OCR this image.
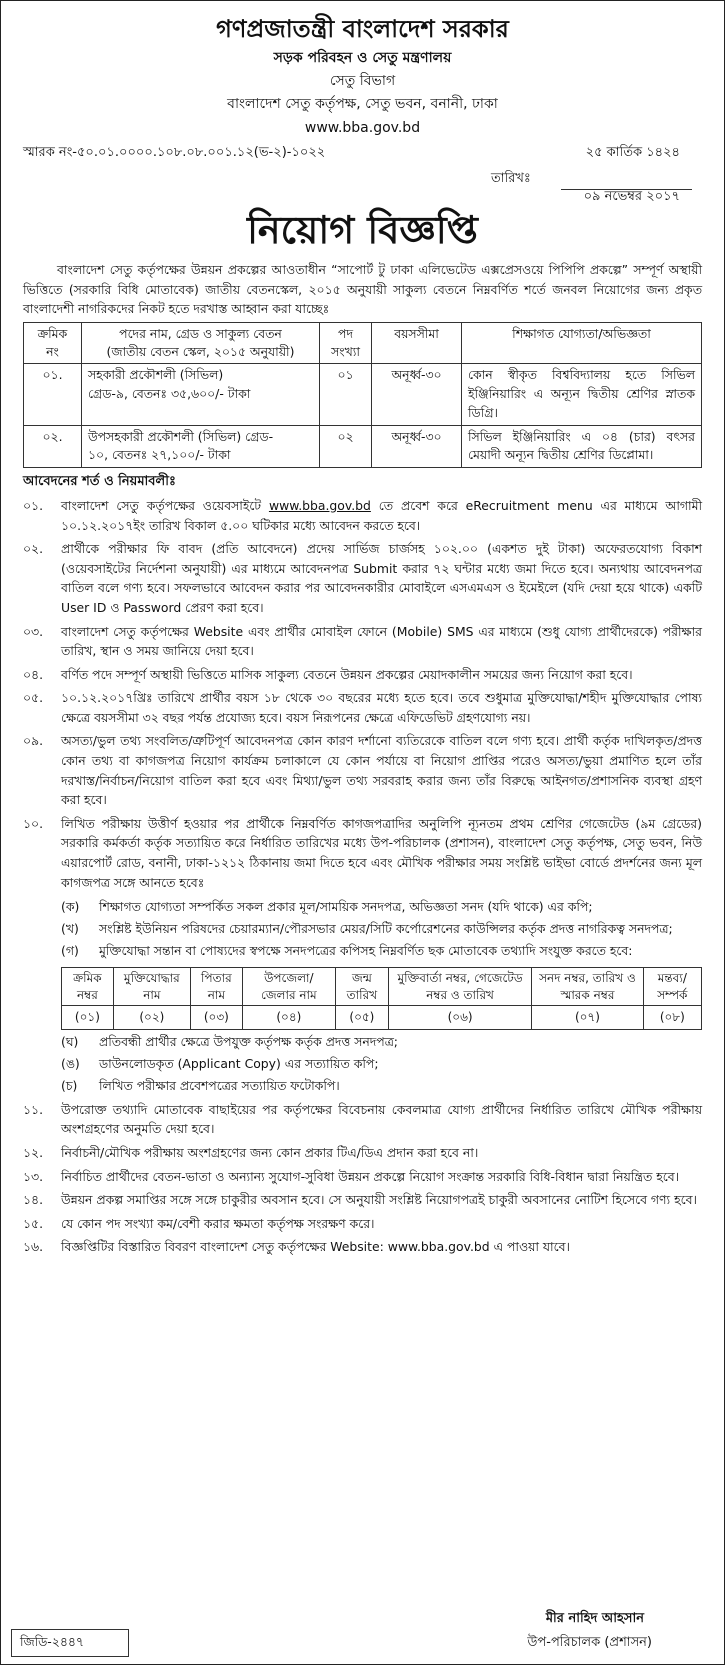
গণপ্রজাতন্ত্রী বাংলাদেশ সরকার
সড়ক পরিবহন ও সেতু মন্ত্রণালয়
সেতু বিভাগ
বাংলাদেশ সেতু কর্তৃপক্ষ, সেতু ভবন, বনানী, ঢাকা
www.bba.gov.bd
স্মারক নং-৫০.০১.০০০০.১০৮.০৮.০০১.১২(ভ-২)-১০২২	২৫ কার্তিক ১৪২৪
তারিখঃ
০৯ নভেম্বর ২০১৭
নিয়োগ বিজ্ঞপ্তি
বাংলাদেশ সেতু কর্তৃপক্ষের উন্নয়ন প্রকল্পের আওতাধীন “সাপোর্ট টু ঢাকা এলিভেটেড এক্সপ্রেসওয়ে পিপিপি প্রকল্পে” সম্পূর্ণ অস্থায়ী ভিত্তিতে (সরকারি বিধি মোতাবেক) জাতীয় বেতনস্কেল, ২০১৫ অনুযায়ী সাকুল্য বেতনে নিম্নবর্ণিত শর্তে জনবল নিয়োগের জন্য প্রকৃত বাংলাদেশী নাগরিকদের নিকট হতে দরখাস্ত আহ্বান করা যাচ্ছেঃ
ক্রমিক নং	পদের নাম, গ্রেড ও সাকুল্য বেতন
(জাতীয় বেতন স্কেল, ২০১৫ অনুযায়ী)	পদ সংখ্যা	বয়সসীমা	শিক্ষাগত যোগ্যতা/অভিজ্ঞতা
০১.	সহকারী প্রকৌশলী (সিভিল)
গ্রেড-৯, বেতনঃ ৩৫,৬০০/- টাকা	০১	অনূর্ধ্ব-৩০	কোন স্বীকৃত বিশ্ববিদ্যালয় হতে সিভিল ইঞ্জিনিয়ারিং এ অন্যূন দ্বিতীয় শ্রেণির স্নাতক ডিগ্রি।
০২.	উপসহকারী প্রকৌশলী (সিভিল) গ্রেড-
১০, বেতনঃ ২৭,১০০/- টাকা	০২	অনূর্ধ্ব-৩০	সিভিল ইঞ্জিনিয়ারিং এ ০৪ (চার) বৎসর মেয়াদী অন্যূন দ্বিতীয় শ্রেণির ডিপ্লোমা।
আবেদনের শর্ত ও নিয়মাবলীঃ
০১.	বাংলাদেশ সেতু কর্তৃপক্ষের ওয়েবসাইটে www.bba.gov.bd তে প্রবেশ করে eRecruitment menu এর মাধ্যমে আগামী ১০.১২.২০১৭ইং তারিখ বিকাল ৫.০০ ঘটিকার মধ্যে আবেদন করতে হবে।
০২.	প্রার্থীকে পরীক্ষার ফি বাবদ (প্রতি আবেদনে) প্রদেয় সার্ভিজ চার্জসহ ১০২.০০ (একশত দুই টাকা) অফেরতযোগ্য বিকাশ (ওয়েবসাইটের নির্দেশনা অনুযায়ী) এর মাধ্যমে আবেদনপত্র Submit করার ৭২ ঘন্টার মধ্যে জমা দিতে হবে। অন্যথায় আবেদনপত্র বাতিল বলে গণ্য হবে। সফলভাবে আবেদন করার পর আবেদনকারীর মোবাইলে এসএমএস ও ইমেইলে (যদি দেয়া হয়ে থাকে) একটি User ID ও Password প্রেরণ করা হবে।
০৩.	বাংলাদেশ সেতু কর্তৃপক্ষের Website এবং প্রার্থীর মোবাইল ফোনে (Mobile) SMS এর মাধ্যমে (শুধু যোগ্য প্রার্থীদেরকে) পরীক্ষার তারিখ, স্থান ও সময় জানিয়ে দেয়া হবে।
০৪.	বর্ণিত পদে সম্পূর্ণ অস্থায়ী ভিত্তিতে মাসিক সাকুল্য বেতনে উন্নয়ন প্রকল্পের মেয়াদকালীন সময়ের জন্য নিয়োগ করা হবে।
০৫.	১০.১২.২০১৭খ্রিঃ তারিখে প্রার্থীর বয়স ১৮ থেকে ৩০ বছরের মধ্যে হতে হবে। তবে শুধুমাত্র মুক্তিযোদ্ধা/শহীদ মুক্তিযোদ্ধার পোষ্য ক্ষেত্রে বয়সসীমা ৩২ বছর পর্যন্ত প্রযোজ্য হবে। বয়স নিরূপনের ক্ষেত্রে এফিডেভিট গ্রহণযোগ্য নয়।
০৯.	অসত্য/ভুল তথ্য সংবলিত/ত্রুটিপূর্ণ আবেদনপত্র কোন কারণ দর্শানো ব্যতিরেকে বাতিল বলে গণ্য হবে। প্রার্থী কর্তৃক দাখিলকৃত/প্রদত্ত কোন তথ্য বা কাগজপত্র নিয়োগ কার্যক্রম চলাকালে যে কোন পর্যায়ে বা নিয়োগ প্রাপ্তির পরেও অসত্য/ভুয়া প্রমাণিত হলে তাঁর দরখাস্ত/নির্বাচন/নিয়োগ বাতিল করা হবে এবং মিথ্যা/ভুল তথ্য সরবরাহ করার জন্য তাঁর বিরুদ্ধে আইনগত/প্রশাসনিক ব্যবস্থা গ্রহণ করা হবে।
১০.	লিখিত পরীক্ষায় উত্তীর্ণ হওয়ার পর প্রার্থীকে নিম্নবর্ণিত কাগজপত্রাদির অনুলিপি ন্যূনতম প্রথম শ্রেণির গেজেটেড (৯ম গ্রেডের) সরকারি কর্মকর্তা কর্তৃক সত্যায়িত করে নির্ধারিত তারিখের মধ্যে উপ-পরিচালক (প্রশাসন), বাংলাদেশ সেতু কর্তৃপক্ষ, সেতু ভবন, নিউ এয়ারপোর্ট রোড, বনানী, ঢাকা-১২১২ ঠিকানায় জমা দিতে হবে এবং মৌখিক পরীক্ষার সময় সংশ্লিষ্ট ভাইভা বোর্ডে প্রদর্শনের জন্য মূল কাগজপত্র সঙ্গে আনতে হবেঃ
(ক)	শিক্ষাগত যোগ্যতা সম্পর্কিত সকল প্রকার মূল/সাময়িক সনদপত্র, অভিজ্ঞতা সনদ (যদি থাকে) এর কপি;
(খ)	সংশ্লিষ্ট ইউনিয়ন পরিষদের চেয়ারম্যান/পৌরসভার মেয়র/সিটি কর্পোরেশনের কাউন্সিলর কর্তৃক প্রদত্ত নাগরিকত্ব সনদপত্র;
(গ)	মুক্তিযোদ্ধা সন্তান বা পোষ্যদের স্বপক্ষে সনদপত্রের কপিসহ নিম্নবর্ণিত ছক মোতাবেক তথ্যাদি সংযুক্ত করতে হবে:
ক্রমিক নম্বর	মুক্তিযোদ্ধার নাম	পিতার নাম	উপজেলা/ জেলার নাম	জন্ম তারিখ	মুক্তিবার্তা নম্বর, গেজেটেড নম্বর ও তারিখ	সনদ নম্বর, তারিখ ও স্মারক নম্বর	মন্তব্য/ সম্পর্ক
(০১)	(০২)	(০৩)	(০৪)	(০৫)	(০৬)	(০৭)	(০৮)
(ঘ)	প্রতিবন্ধী প্রার্থীর ক্ষেত্রে উপযুক্ত কর্তৃপক্ষ কর্তৃক প্রদত্ত সনদপত্র;
(ঙ)	ডাউনলোডকৃত (Applicant Copy) এর সত্যায়িত কপি;
(চ)	লিখিত পরীক্ষার প্রবেশপত্রের সত্যায়িত ফটোকপি।
১১.	উপরোক্ত তথ্যাদি মোতাবেক বাছাইয়ের পর কর্তৃপক্ষের বিবেচনায় কেবলমাত্র যোগ্য প্রার্থীদের নির্ধারিত তারিখে মৌখিক পরীক্ষায় অংশগ্রহণের অনুমতি দেয়া হবে।
১২.	নির্বাচনী/মৌখিক পরীক্ষায় অংশগ্রহণের জন্য কোন প্রকার টিএ/ডিএ প্রদান করা হবে না।
১৩.	নির্বাচিত প্রার্থীদের বেতন-ভাতা ও অন্যান্য সুযোগ-সুবিধা উন্নয়ন প্রকল্পে নিয়োগ সংক্রান্ত সরকারি বিধি-বিধান দ্বারা নিয়ন্ত্রিত হবে।
১৪.	উন্নয়ন প্রকল্প সমাপ্তির সঙ্গে সঙ্গে চাকুরীর অবসান হবে। সে অনুযায়ী সংশ্লিষ্ট নিয়োগপত্রই চাকুরী অবসানের নোটিশ হিসেবে গণ্য হবে।
১৫.	যে কোন পদ সংখ্যা কম/বেশী করার ক্ষমতা কর্তৃপক্ষ সংরক্ষণ করে।
১৬.	বিজ্ঞপ্তিটির বিস্তারিত বিবরণ বাংলাদেশ সেতু কর্তৃপক্ষের Website: www.bba.gov.bd এ পাওয়া যাবে।
মীর নাহিদ আহসান
উপ-পরিচালক (প্রশাসন)
জিডি-২৪৪৭
